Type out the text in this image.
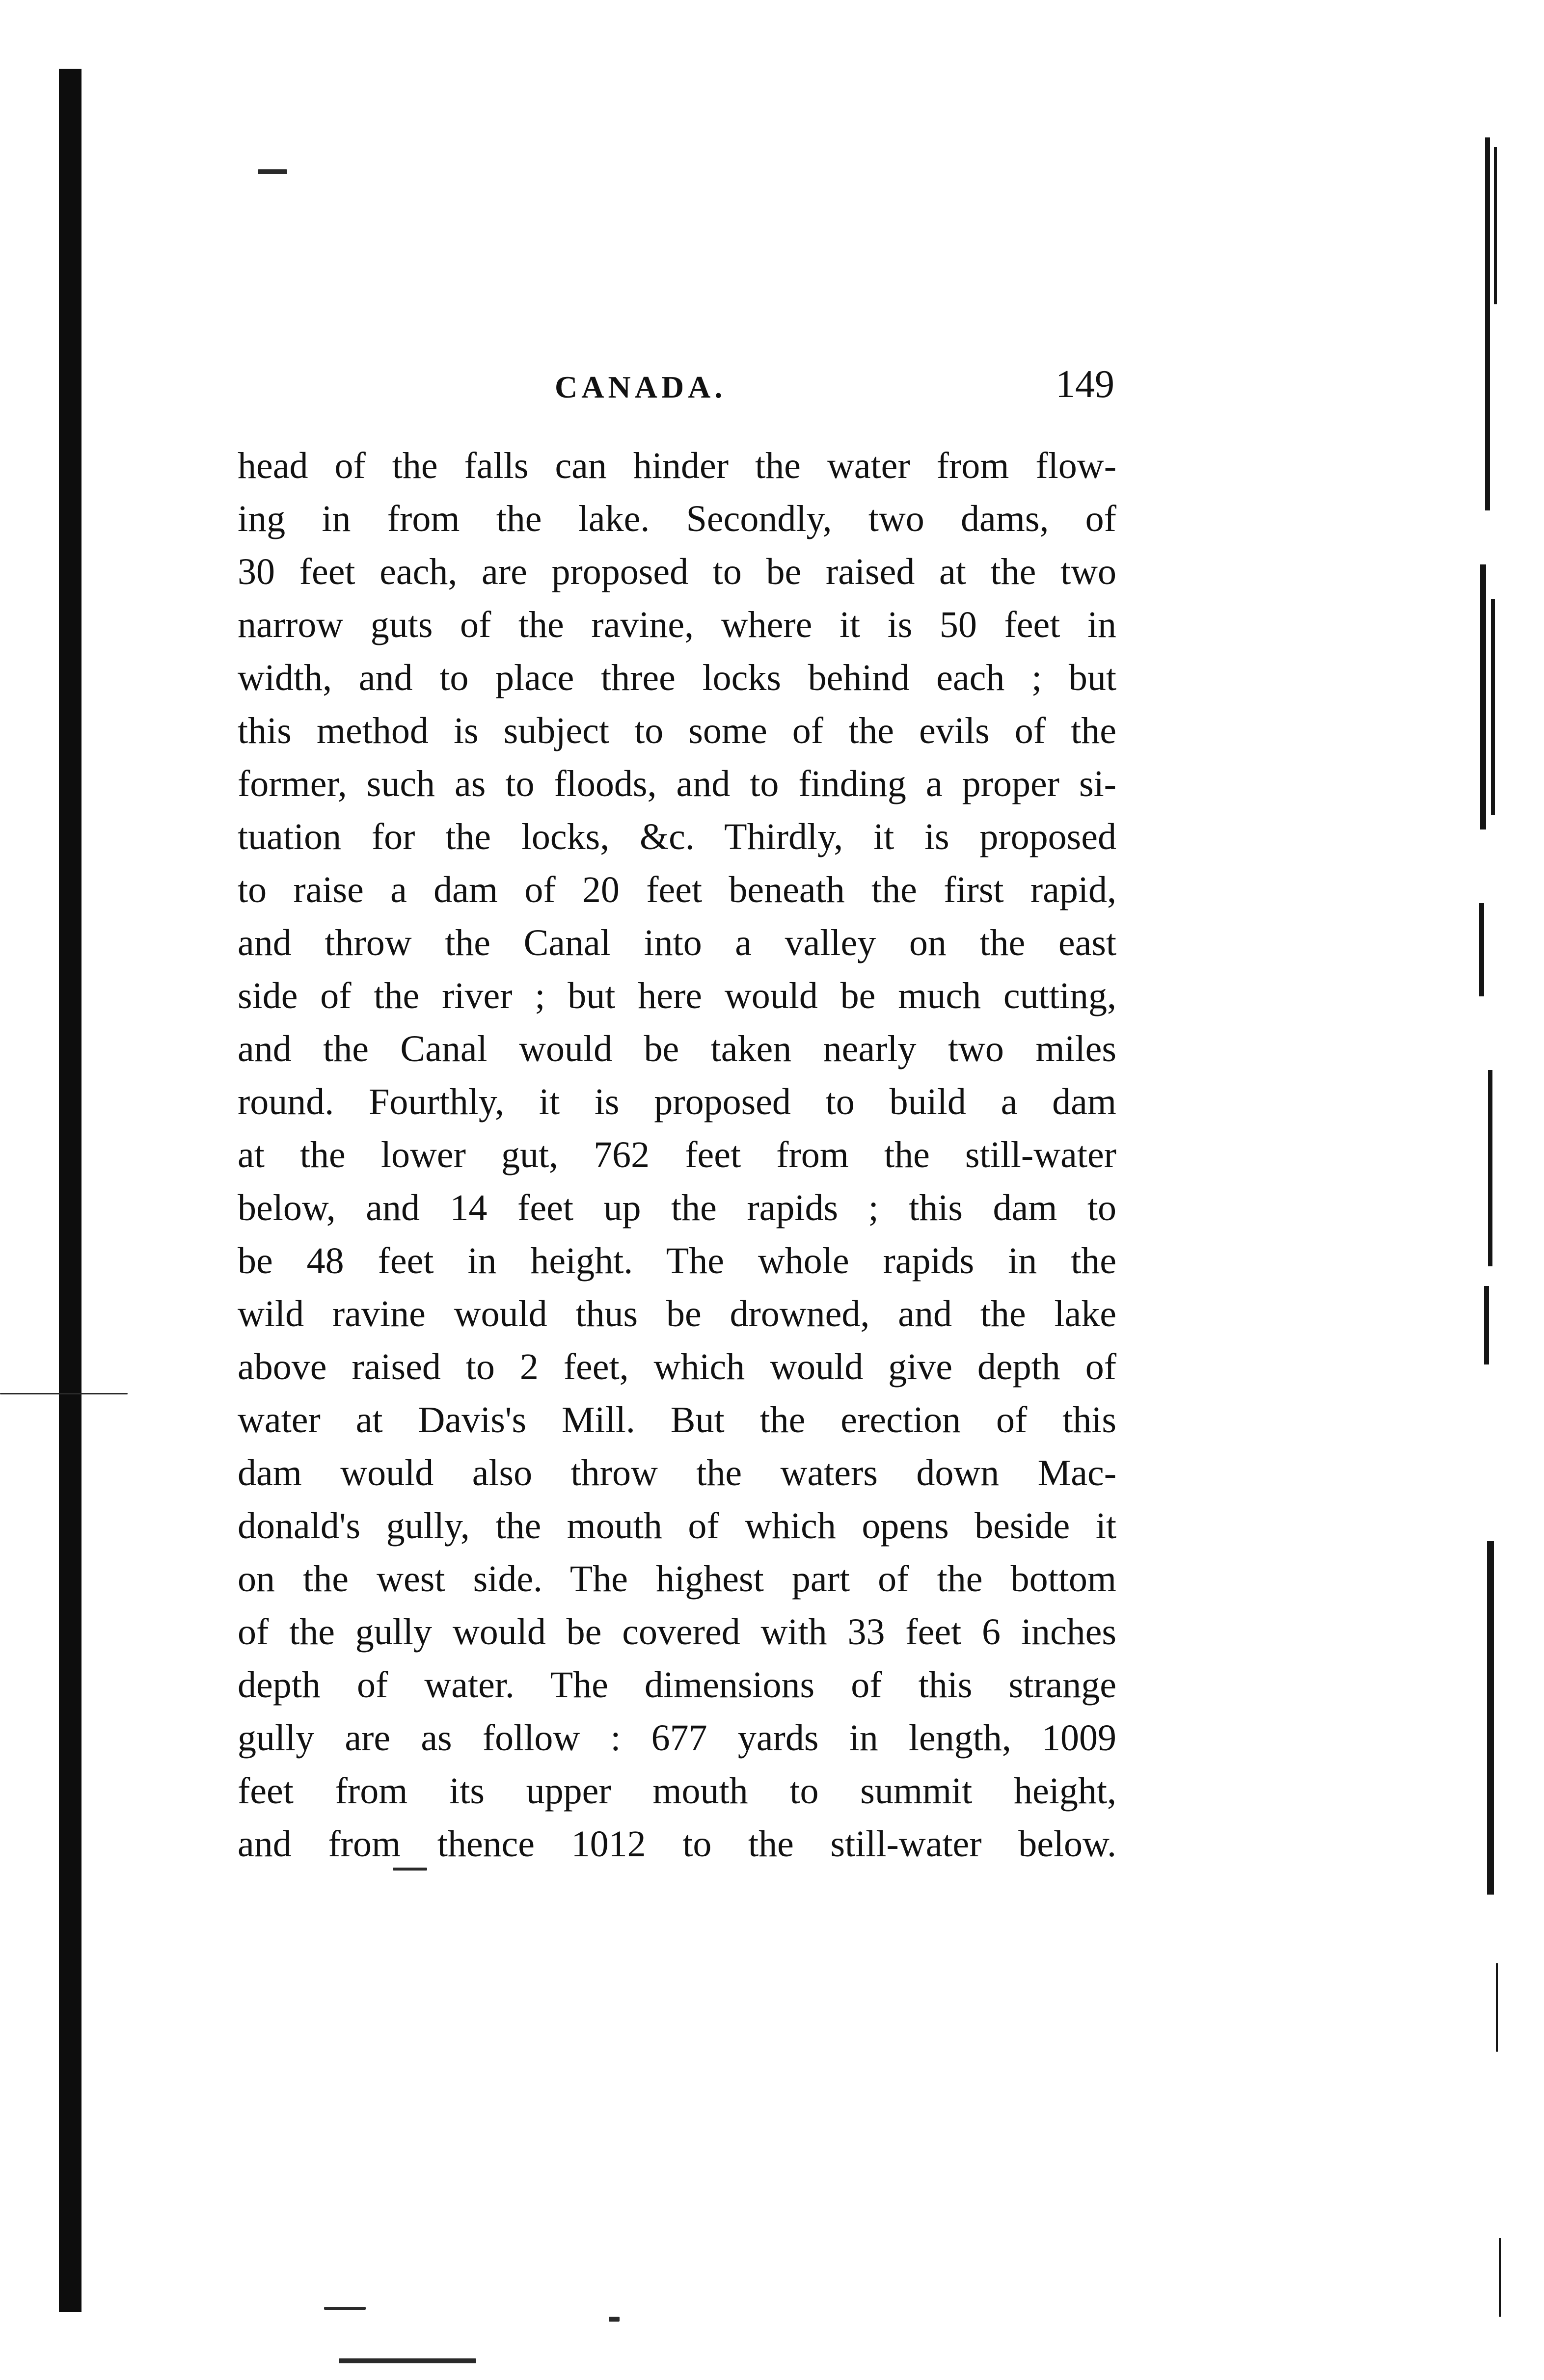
CANADA.	149
head of the falls can hinder the water from flow-
ing in from the lake. Secondly, two dams, of
30 feet each, are proposed to be raised at the two
narrow guts of the ravine, where it is 50 feet in
width, and to place three locks behind each ; but
this method is subject to some of the evils of the
former, such as to floods, and to finding a proper si-
tuation for the locks, &c. Thirdly, it is proposed
to raise a dam of 20 feet beneath the first rapid,
and throw the Canal into a valley on the east
side of the river ; but here would be much cutting,
and the Canal would be taken nearly two miles
round. Fourthly, it is proposed to build a dam
at the lower gut, 762 feet from the still-water
below, and 14 feet up the rapids ; this dam to
be 48 feet in height. The whole rapids in the
wild ravine would thus be drowned, and the lake
above raised to 2 feet, which would give depth of
water at Davis's Mill. But the erection of this
dam would also throw the waters down Mac-
donald's gully, the mouth of which opens beside it
on the west side. The highest part of the bottom
of the gully would be covered with 33 feet 6 inches
depth of water. The dimensions of this strange
gully are as follow : 677 yards in length, 1009
feet from its upper mouth to summit height,
and from thence 1012 to the still-water below.
